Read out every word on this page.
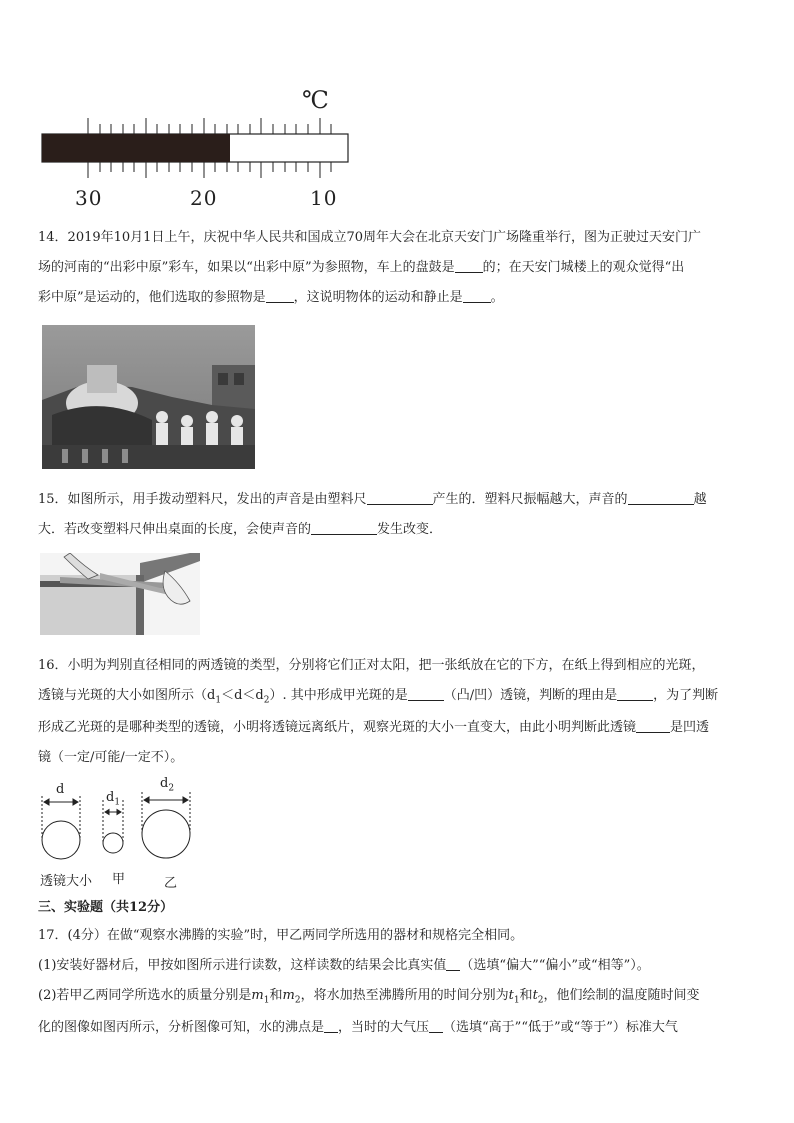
℃
30	20	10
14．2019年10月1日上午，庆祝中华人民共和国成立70周年大会在北京天安门广场隆重举行，图为正驶过天安门广
场的河南的“出彩中原”彩车，如果以“出彩中原”为参照物，车上的盘鼓是 的；在天安门城楼上的观众觉得“出
彩中原”是运动的，他们选取的参照物是 ，这说明物体的运动和静止是 。
15．如图所示，用手拨动塑料尺，发出的声音是由塑料尺	产生的．塑料尺振幅越大，声音的	越
大．若改变塑料尺伸出桌面的长度，会使声音的	发生改变．
16．小明为判别直径相同的两透镜的类型，分别将它们正对太阳，把一张纸放在它的下方，在纸上得到相应的光斑，
透镜与光斑的大小如图所示$(d_1<d<d_2)$. 其中形成甲光斑的是	（凸/凹）透镜，判断的理由是	，为了判断
形成乙光斑的是哪种类型的透镜，小明将透镜远离纸片，观察光斑的大小一直变大，由此小明判断此透镜	是凹透
镜（一定/可能/一定不）。
d
$d_1$
$d_2$
透镜大小 甲	乙
三、实验题（共12分）
17．(4分）在做“观察水沸腾的实验”时，甲乙两同学所选用的器材和规格完全相同。
(1)安装好器材后，甲按如图所示进行读数，这样读数的结果会比真实值 （选填“偏大”“偏小”或“相等”）。
(2)若甲乙两同学所选水的质量分别是$m_1$和$m_2$，将水加热至沸腾所用的时间分别为$t_1$和$t_2$，他们绘制的温度随时间变
化的图像如图丙所示，分析图像可知，水的沸点是 ，当时的大气压 （选填“高于”“低于”或“等于”）标准大气
